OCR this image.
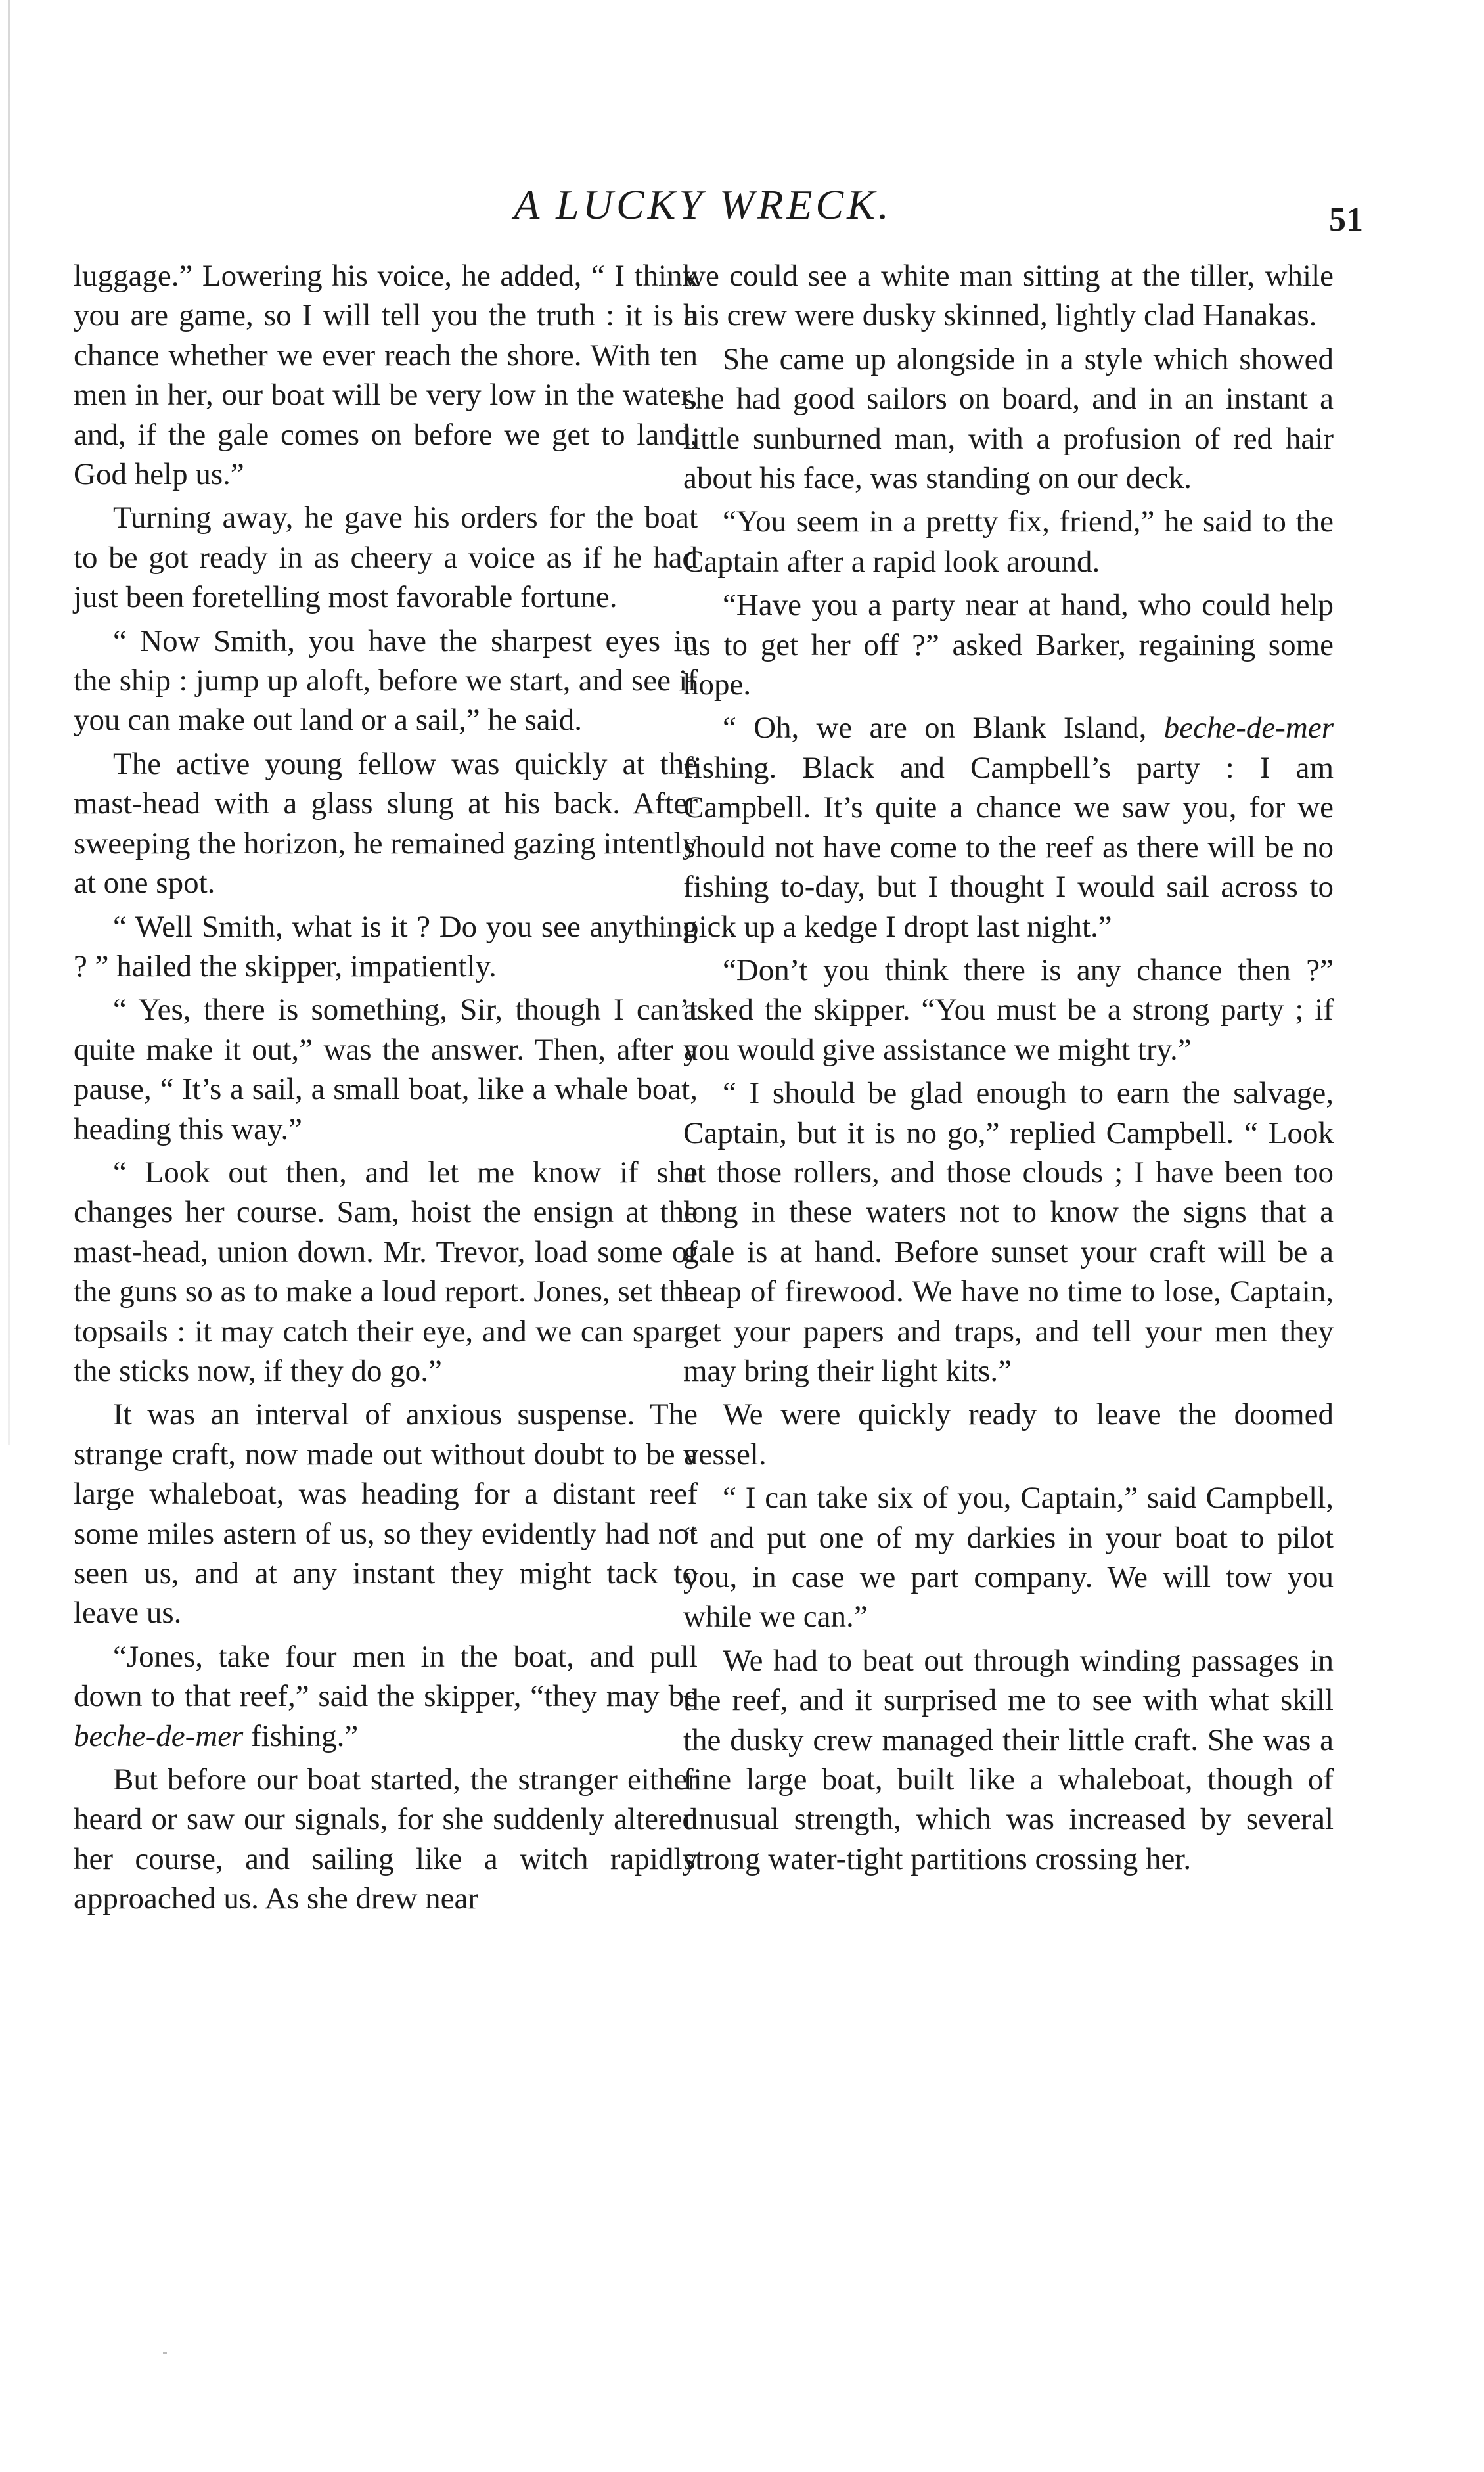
A LUCKY WRECK.	51

luggage.” Lowering his voice, he added, “ I think you are game, so I will tell you the truth : it is a chance whether we ever reach the shore. With ten men in her, our boat will be very low in the water, and, if the gale comes on before we get to land, God help us.”

Turning away, he gave his orders for the boat to be got ready in as cheery a voice as if he had just been foretelling most favorable fortune.

“ Now Smith, you have the sharpest eyes in the ship : jump up aloft, before we start, and see if you can make out land or a sail,” he said.

The active young fellow was quickly at the mast-head with a glass slung at his back. After sweeping the horizon, he remained gazing intently at one spot.

“ Well Smith, what is it ? Do you see anything ? ” hailed the skipper, impatiently.

“ Yes, there is something, Sir, though I can’t quite make it out,” was the answer. Then, after a pause, “ It’s a sail, a small boat, like a whale boat, heading this way.”

“ Look out then, and let me know if she changes her course. Sam, hoist the ensign at the mast-head, union down. Mr. Trevor, load some of the guns so as to make a loud report. Jones, set the topsails : it may catch their eye, and we can spare the sticks now, if they do go.”

It was an interval of anxious suspense. The strange craft, now made out without doubt to be a large whaleboat, was heading for a distant reef some miles astern of us, so they evidently had not seen us, and at any instant they might tack to leave us.

“Jones, take four men in the boat, and pull down to that reef,” said the skipper, “they may be beche-de-mer fishing.”

But before our boat started, the stranger either heard or saw our signals, for she suddenly altered her course, and sailing like a witch rapidly approached us. As she drew near

we could see a white man sitting at the tiller, while his crew were dusky skinned, lightly clad Hanakas.

She came up alongside in a style which showed she had good sailors on board, and in an instant a little sunburned man, with a profusion of red hair about his face, was standing on our deck.

“You seem in a pretty fix, friend,” he said to the Captain after a rapid look around.

“Have you a party near at hand, who could help us to get her off ?” asked Barker, regaining some hope.

“ Oh, we are on Blank Island, beche-de-mer fishing. Black and Campbell’s party : I am Campbell. It’s quite a chance we saw you, for we should not have come to the reef as there will be no fishing to-day, but I thought I would sail across to pick up a kedge I dropt last night.”

“Don’t you think there is any chance then ?” asked the skipper. “You must be a strong party ; if you would give assistance we might try.”

“ I should be glad enough to earn the salvage, Captain, but it is no go,” replied Campbell. “ Look at those rollers, and those clouds ; I have been too long in these waters not to know the signs that a gale is at hand. Before sunset your craft will be a heap of firewood. We have no time to lose, Captain, get your papers and traps, and tell your men they may bring their light kits.”

We were quickly ready to leave the doomed vessel.

“ I can take six of you, Captain,” said Campbell, “ and put one of my darkies in your boat to pilot you, in case we part company. We will tow you while we can.”

We had to beat out through winding passages in the reef, and it surprised me to see with what skill the dusky crew managed their little craft. She was a fine large boat, built like a whaleboat, though of unusual strength, which was increased by several strong water-tight partitions crossing her.
